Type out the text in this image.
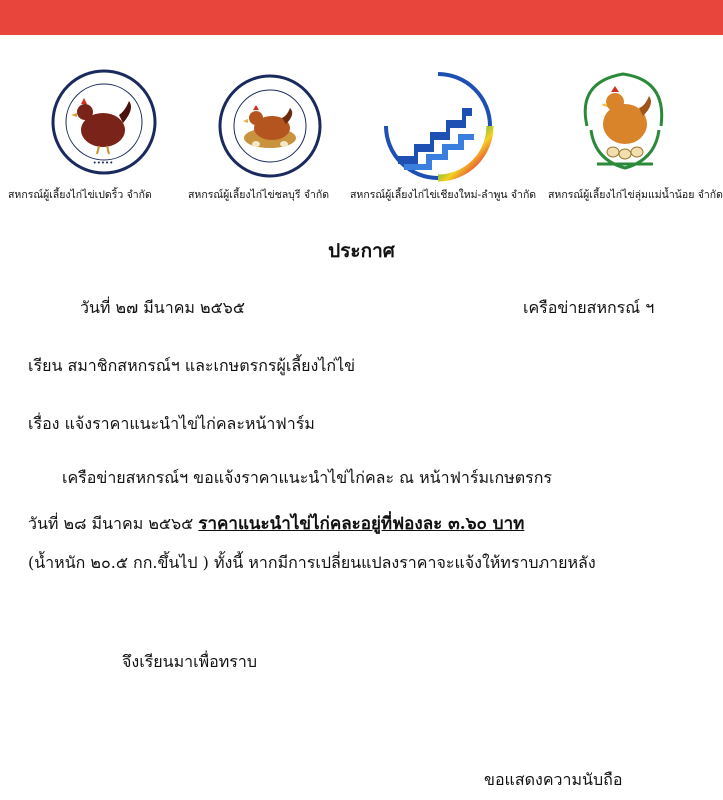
•••••
สหกรณ์ผู้เลี้ยงไก่ไข่เปดริ้ว จำกัด	สหกรณ์ผู้เลี้ยงไก่ไข่ชลบุรี จำกัด สหกรณ์ผู้เลี้ยงไก่ไข่เชียงใหม่-ลำพูน จำกัด สหกรณ์ผู้เลี้ยงไก่ไข่ลุ่มแม่น้ำน้อย จำกัด
ประกาศ
วันที่ ๒๗ มีนาคม ๒๕๖๕	เครือข่ายสหกรณ์ ฯ
เรียน สมาชิกสหกรณ์ฯ และเกษตรกรผู้เลี้ยงไก่ไข่
เรื่อง แจ้งราคาแนะนำไข่ไก่คละหน้าฟาร์ม
เครือข่ายสหกรณ์ฯ ขอแจ้งราคาแนะนำไข่ไก่คละ ณ หน้าฟาร์มเกษตรกร
วันที่ ๒๘ มีนาคม ๒๕๖๕ ราคาแนะนำไข่ไก่คละอยู่ที่ฟองละ ๓.๖๐ บาท
(น้ำหนัก ๒๐.๕ กก.ขึ้นไป ) ทั้งนี้ หากมีการเปลี่ยนแปลงราคาจะแจ้งให้ทราบภายหลัง
จึงเรียนมาเพื่อทราบ
ขอแสดงความนับถือ
